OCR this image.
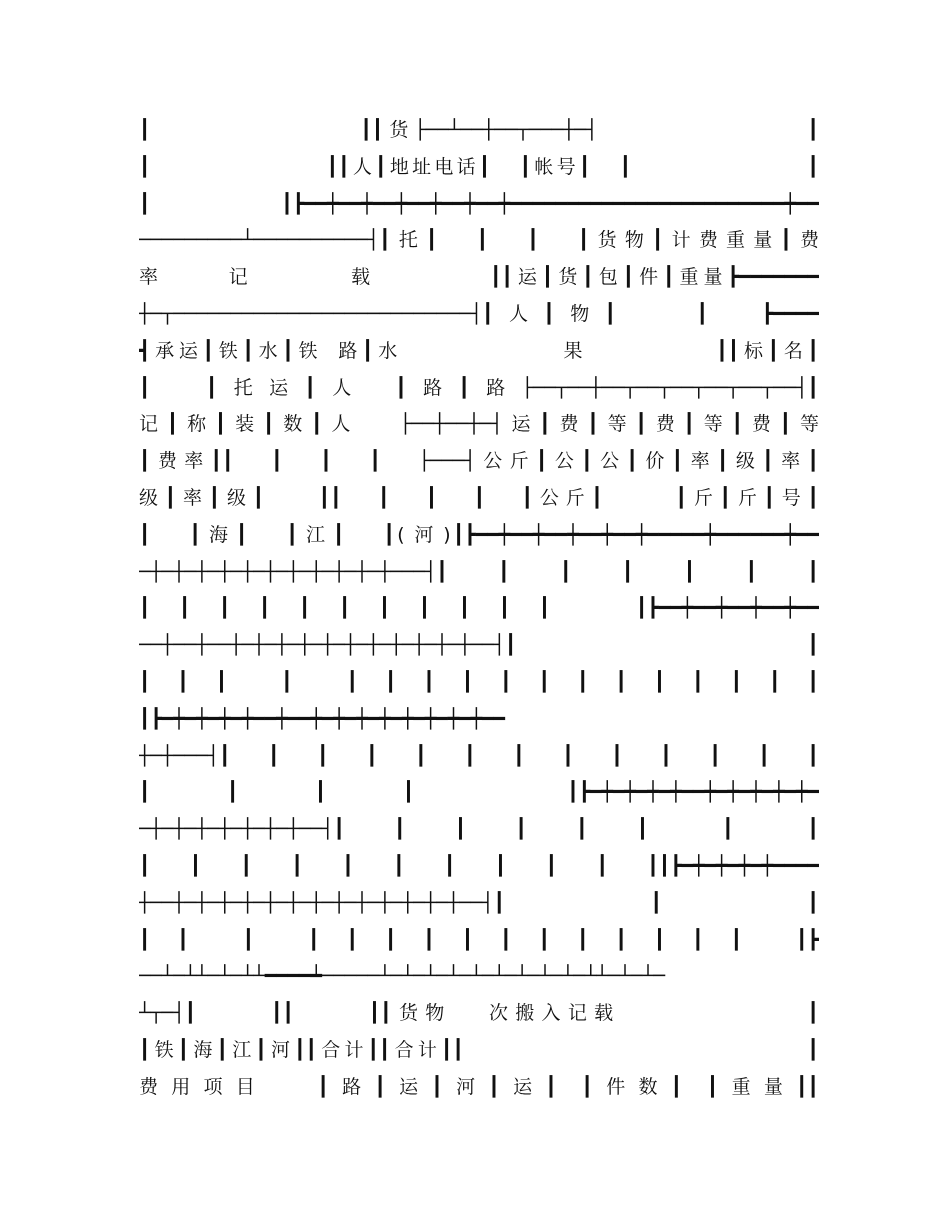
┃            ┃┃货├──┴──┼──┬───┼─┤            ┃
┃            ┃┃人┃地址电话┃  ┃帐号┃  ┃            ┃
┃           ┃┣━━┿━━┿━━┿━━┿━━┿━━┿━━━━━━━━━━━━━━━━━━━━━━━━┿━━
─────────┴──────────┤┃托┃  ┃  ┃  ┃货物┃计费重量┃费
率    记      载       ┃┃运┃货┃包┃件┃重量┣━━━━━━━
┼─┬──────────────────────────┤┃人┃物┃   ┃  ┣━━━━
┫承运┃铁┃水┃铁 路┃水          果        ┃┃标┃名┃
┃  ┃托运┃人 ┃路┃路├──┬──┼──┬──┬──┬──┬──┬──┤┃
记┃称┃装┃数┃人  ├──┼──┼─┤运┃费┃等┃费┃等┃费┃等
┃费率┃┃  ┃  ┃  ┃  ├───┤公斤┃公┃公┃价┃率┃级┃率┃
级┃率┃级┃   ┃┃  ┃  ┃  ┃  ┃公斤┃    ┃斤┃斤┃号┃
┃  ┃海┃  ┃江┃  ┃(河)┃┣━━┿━━┿━━┿━━┿━━┿━━━━━┿━━━━━━┿━━
─┼─┼─┼─┼─┼─┼─┼─┼─┼─┼─┼───┤┃  ┃  ┃  ┃  ┃  ┃  ┃
┃ ┃ ┃ ┃ ┃ ┃ ┃ ┃ ┃ ┃ ┃   ┃┣━━┿━━┿━━┿━━┿━━
──┼──┼──┼─┼─┼─┼─┼─┼─┼─┼─┼─┼─┼──┤┃  ┃
┃ ┃ ┃  ┃  ┃ ┃ ┃ ┃ ┃ ┃ ┃ ┃ ┃ ┃ ┃ ┃ ┃
┃┣━┿━┿━┿━┿━━┿━━┿━┿━┿━┿━┿━┿━┿━┿━━
┼─┼───┤┃  ┃  ┃  ┃  ┃  ┃  ┃  ┃  ┃  ┃  ┃  ┃  ┃
┃ ┃ ┃ ┃  ┃┣━┿━┿━┿━┿━━┿━┿━┿━┿━┿━
─┼─┼─┼─┼─┼─┼─┼──┤┃  ┃  ┃  ┃  ┃  ┃   ┃   ┃
┃ ┃ ┃ ┃ ┃ ┃ ┃ ┃ ┃ ┃ ┃┃┣━┿━┿━┿━┿━━━━
┼──┼─┼─┼─┼─┼─┼─┼─┼─┼─┼─┼─┼─┼──┤┃ ┃ ┃
┃ ┃  ┃  ┃ ┃ ┃ ┃ ┃ ┃ ┃ ┃ ┃ ┃ ┃ ┃  ┃┣
──┴─┴┴─┴─┴┴━━━━┷─────┴─┴─┴─┴─┴─┴─┴─┴─┴─┴┴─┴─┴─
┴┬─┤┃    ┃┃    ┃┃货物  次搬入记载          ┃
┃铁┃海┃江┃河┃┃合计┃┃合计┃┃                      ┃
费用项目  ┃路┃运┃河┃运┃ ┃件数┃ ┃重量┃┃
